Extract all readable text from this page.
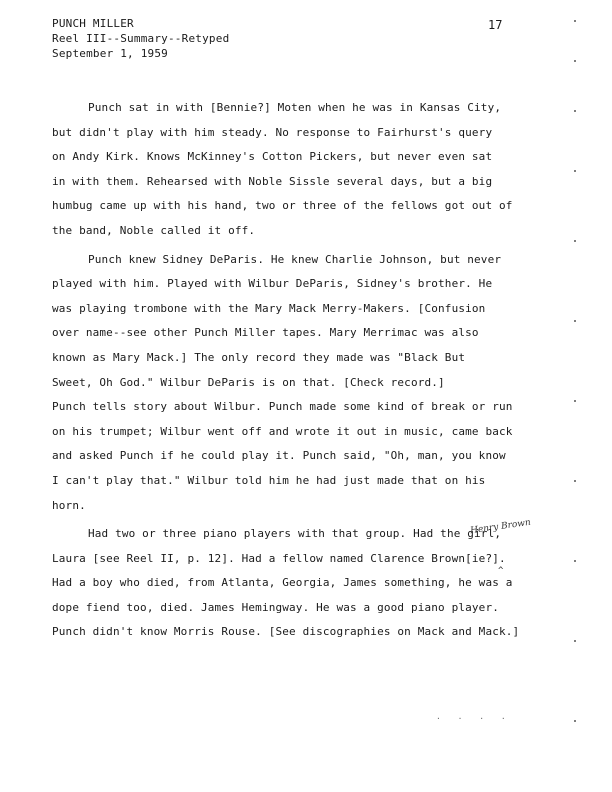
PUNCH MILLER
Reel III--Summary--Retyped
September 1, 1959
17
Punch sat in with [Bennie?] Moten when he was in Kansas City,
but didn't play with him steady. No response to Fairhurst's query
on Andy Kirk. Knows McKinney's Cotton Pickers, but never even sat
in with them. Rehearsed with Noble Sissle several days, but a big
humbug came up with his hand, two or three of the fellows got out of
the band, Noble called it off.
Punch knew Sidney DeParis. He knew Charlie Johnson, but never
played with him. Played with Wilbur DeParis, Sidney's brother. He
was playing trombone with the Mary Mack Merry-Makers. [Confusion
over name--see other Punch Miller tapes. Mary Merrimac was also
known as Mary Mack.] The only record they made was "Black But
Sweet, Oh God." Wilbur DeParis is on that. [Check record.]
Punch tells story about Wilbur. Punch made some kind of break or run
on his trumpet; Wilbur went off and wrote it out in music, came back
and asked Punch if he could play it. Punch said, "Oh, man, you know
I can't play that." Wilbur told him he had just made that on his
horn.
Had two or three piano players with that group. Had the girl,
Laura [see Reel II, p. 12]. Had a fellow named Clarence Brown[ie?].
Had a boy who died, from Atlanta, Georgia, James something, he was a
dope fiend too, died. James Hemingway. He was a good piano player.
Punch didn't know Morris Rouse. [See discographies on Mack and Mack.]
Henry Brown
^
· · · ·
